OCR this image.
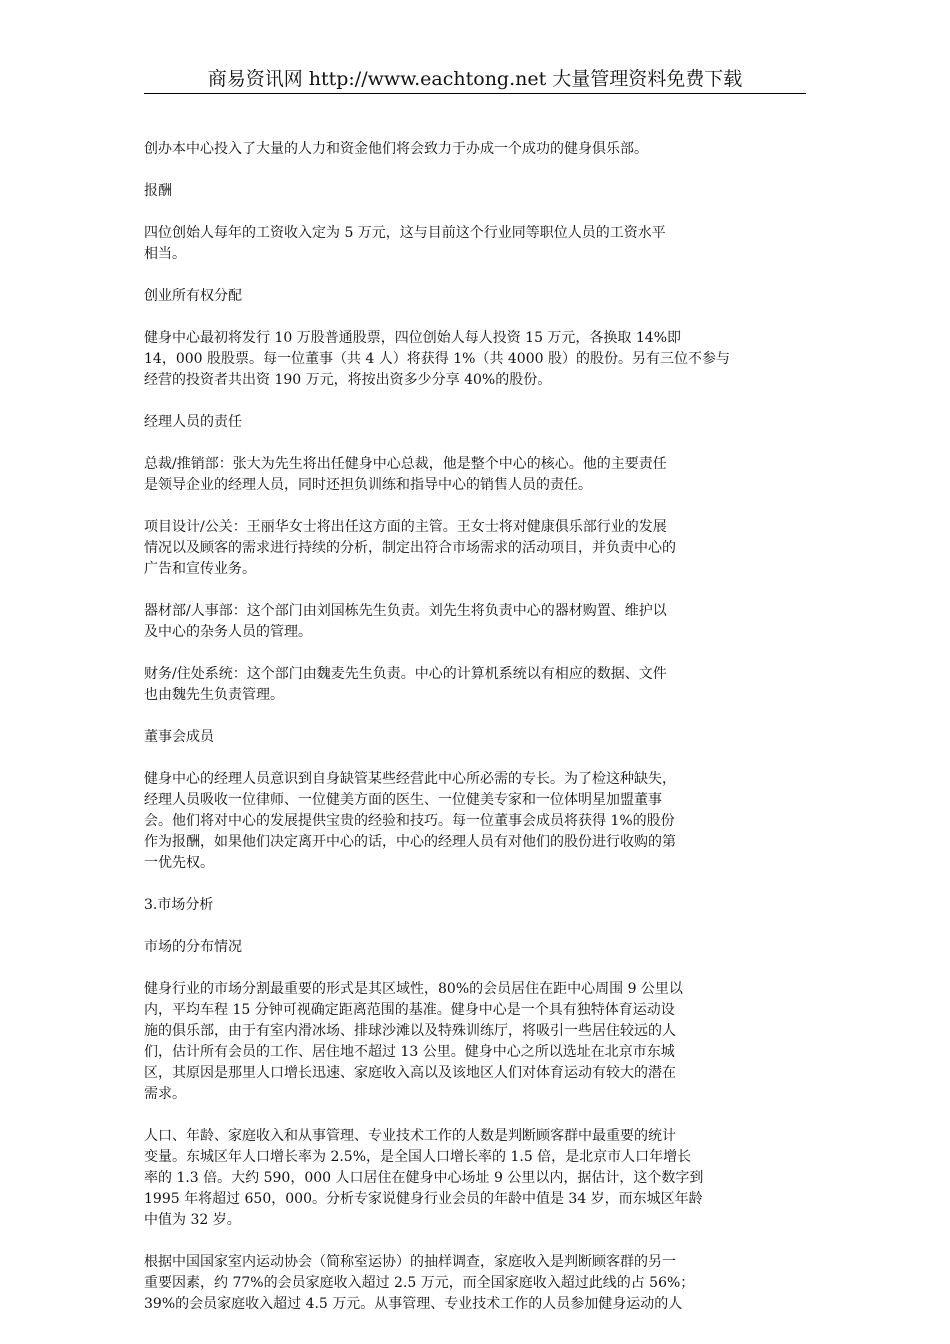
商易资讯网 http://www.eachtong.net 大量管理资料免费下载

创办本中心投入了大量的人力和资金他们将会致力于办成一个成功的健身俱乐部。

报酬

四位创始人每年的工资收入定为 5 万元，这与目前这个行业同等职位人员的工资水平
相当。

创业所有权分配

健身中心最初将发行 10 万股普通股票，四位创始人每人投资 15 万元，各换取 14%即
14，000 股股票。每一位董事（共 4 人）将获得 1%（共 4000 股）的股份。另有三位不参与
经营的投资者共出资 190 万元，将按出资多少分享 40%的股份。

经理人员的责任

总裁/推销部：张大为先生将出任健身中心总裁，他是整个中心的核心。他的主要责任
是领导企业的经理人员，同时还担负训练和指导中心的销售人员的责任。

项目设计/公关：王丽华女士将出任这方面的主管。王女士将对健康俱乐部行业的发展
情况以及顾客的需求进行持续的分析，制定出符合市场需求的活动项目，并负责中心的
广告和宣传业务。

器材部/人事部：这个部门由刘国栋先生负责。刘先生将负责中心的器材购置、维护以
及中心的杂务人员的管理。

财务/住处系统：这个部门由魏麦先生负责。中心的计算机系统以有相应的数据、文件
也由魏先生负责管理。

董事会成员

健身中心的经理人员意识到自身缺管某些经营此中心所必需的专长。为了检这种缺失，
经理人员吸收一位律师、一位健美方面的医生、一位健美专家和一位体明星加盟董事
会。他们将对中心的发展提供宝贵的经验和技巧。每一位董事会成员将获得 1%的股份
作为报酬，如果他们决定离开中心的话，中心的经理人员有对他们的股份进行收购的第
一优先权。

3.市场分析

市场的分布情况

健身行业的市场分割最重要的形式是其区域性，80%的会员居住在距中心周围 9 公里以
内，平均车程 15 分钟可视确定距离范围的基准。健身中心是一个具有独特体育运动设
施的俱乐部，由于有室内滑冰场、排球沙滩以及特殊训练厅，将吸引一些居住较远的人
们，估计所有会员的工作、居住地不超过 13 公里。健身中心之所以选址在北京市东城
区，其原因是那里人口增长迅速、家庭收入高以及该地区人们对体育运动有较大的潜在
需求。

人口、年龄、家庭收入和从事管理、专业技术工作的人数是判断顾客群中最重要的统计
变量。东城区年人口增长率为 2.5%，是全国人口增长率的 1.5 倍，是北京市人口年增长
率的 1.3 倍。大约 590，000 人口居住在健身中心场址 9 公里以内，据估计，这个数字到
1995 年将超过 650，000。分析专家说健身行业会员的年龄中值是 34 岁，而东城区年龄
中值为 32 岁。

根据中国国家室内运动协会（简称室运协）的抽样调查，家庭收入是判断顾客群的另一
重要因素，约 77%的会员家庭收入超过 2.5 万元，而全国家庭收入超过此线的占 56%；
39%的会员家庭收入超过 4.5 万元。从事管理、专业技术工作的人员参加健身运动的人
